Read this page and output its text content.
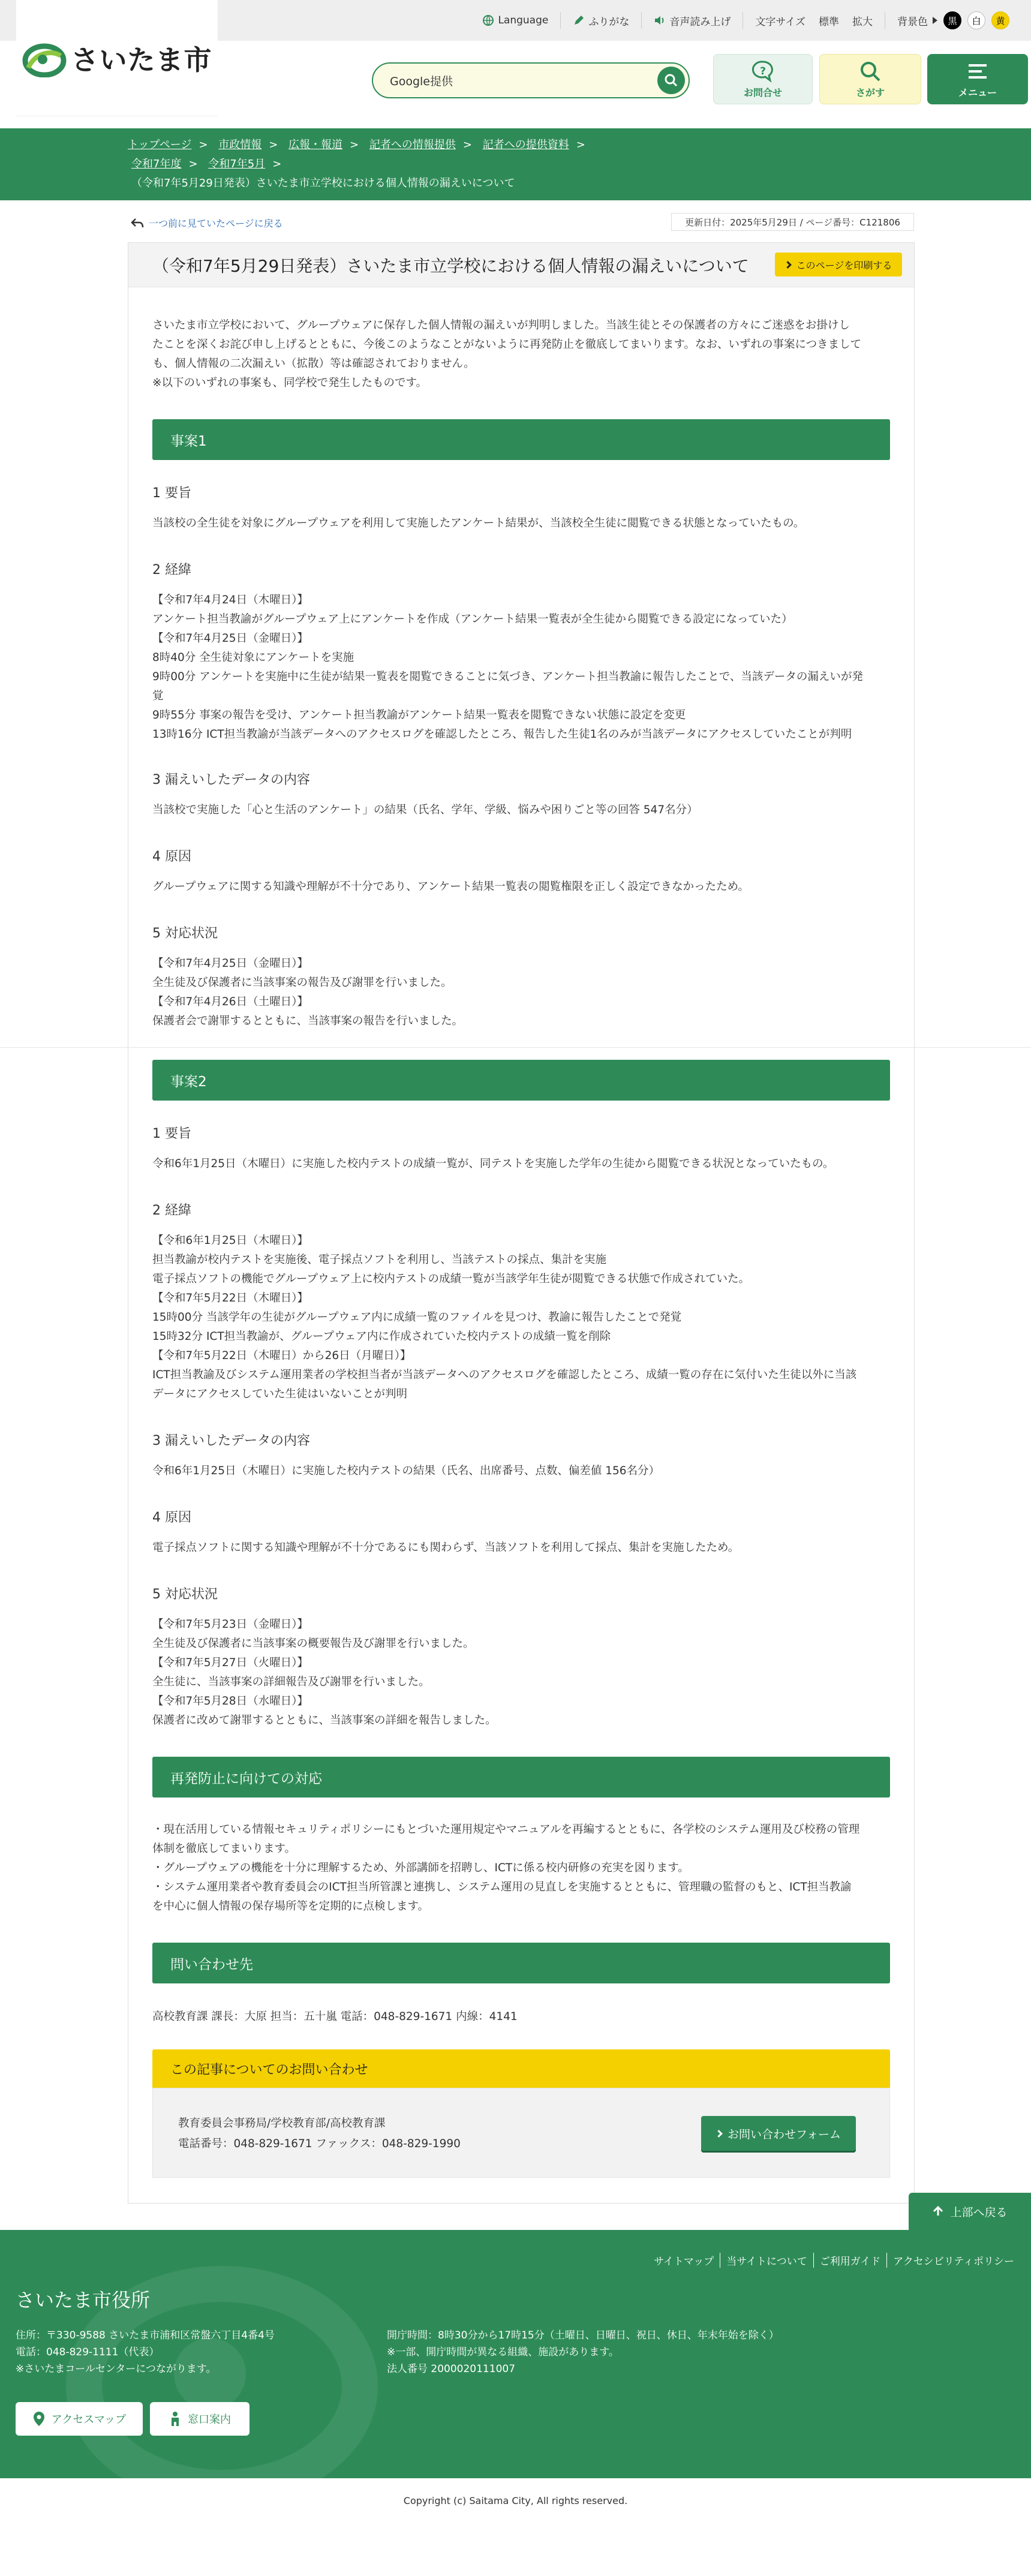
Language	ふりがな	音声読み上げ 文字サイズ 標準 拡大 背景色	黒	白	黄
さいたま市
Google提供
?
お問合せ	さがす	メニュー
トップページ > 市政情報 > 広報・報道 > 記者への情報提供 > 記者への提供資料 >
令和7年度 > 令和7年5月 >
（令和7年5月29日発表）さいたま市立学校における個人情報の漏えいについて
一つ前に見ていたページに戻る	更新日付：2025年5月29日 / ページ番号：C121806
（令和7年5月29日発表）さいたま市立学校における個人情報の漏えいについて	このページを印刷する
さいたま市立学校において、グループウェアに保存した個人情報の漏えいが判明しました。当該生徒とその保護者の方々にご迷惑をお掛けし
たことを深くお詫び申し上げるとともに、今後このようなことがないように再発防止を徹底してまいります。なお、いずれの事案につきまして
も、個人情報の二次漏えい（拡散）等は確認されておりません。
※以下のいずれの事案も、同学校で発生したものです。
事案1
1 要旨
当該校の全生徒を対象にグループウェアを利用して実施したアンケート結果が、当該校全生徒に閲覧できる状態となっていたもの。
2 経緯
【令和7年4月24日（木曜日）】
アンケート担当教諭がグループウェア上にアンケートを作成（アンケート結果一覧表が全生徒から閲覧できる設定になっていた）
【令和7年4月25日（金曜日）】
8時40分 全生徒対象にアンケートを実施
9時00分 アンケートを実施中に生徒が結果一覧表を閲覧できることに気づき、アンケート担当教諭に報告したことで、当該データの漏えいが発
覚
9時55分 事案の報告を受け、アンケート担当教諭がアンケート結果一覧表を閲覧できない状態に設定を変更
13時16分 ICT担当教諭が当該データへのアクセスログを確認したところ、報告した生徒1名のみが当該データにアクセスしていたことが判明
3 漏えいしたデータの内容
当該校で実施した「心と生活のアンケート」の結果（氏名、学年、学級、悩みや困りごと等の回答 547名分）
4 原因
グループウェアに関する知識や理解が不十分であり、アンケート結果一覧表の閲覧権限を正しく設定できなかったため。
5 対応状況
【令和7年4月25日（金曜日）】
全生徒及び保護者に当該事案の報告及び謝罪を行いました。
【令和7年4月26日（土曜日）】
保護者会で謝罪するとともに、当該事案の報告を行いました。
事案2
1 要旨
令和6年1月25日（木曜日）に実施した校内テストの成績一覧が、同テストを実施した学年の生徒から閲覧できる状況となっていたもの。
2 経緯
【令和6年1月25日（木曜日）】
担当教諭が校内テストを実施後、電子採点ソフトを利用し、当該テストの採点、集計を実施
電子採点ソフトの機能でグループウェア上に校内テストの成績一覧が当該学年生徒が閲覧できる状態で作成されていた。
【令和7年5月22日（木曜日）】
15時00分 当該学年の生徒がグループウェア内に成績一覧のファイルを見つけ、教諭に報告したことで発覚
15時32分 ICT担当教諭が、グループウェア内に作成されていた校内テストの成績一覧を削除
【令和7年5月22日（木曜日）から26日（月曜日）】
ICT担当教諭及びシステム運用業者の学校担当者が当該データへのアクセスログを確認したところ、成績一覧の存在に気付いた生徒以外に当該
データにアクセスしていた生徒はいないことが判明
3 漏えいしたデータの内容
令和6年1月25日（木曜日）に実施した校内テストの結果（氏名、出席番号、点数、偏差値 156名分）
4 原因
電子採点ソフトに関する知識や理解が不十分であるにも関わらず、当該ソフトを利用して採点、集計を実施したため。
5 対応状況
【令和7年5月23日（金曜日）】
全生徒及び保護者に当該事案の概要報告及び謝罪を行いました。
【令和7年5月27日（火曜日）】
全生徒に、当該事案の詳細報告及び謝罪を行いました。
【令和7年5月28日（水曜日）】
保護者に改めて謝罪するとともに、当該事案の詳細を報告しました。
再発防止に向けての対応
・現在活用している情報セキュリティポリシーにもとづいた運用規定やマニュアルを再編するとともに、各学校のシステム運用及び校務の管理
体制を徹底してまいります。
・グループウェアの機能を十分に理解するため、外部講師を招聘し、ICTに係る校内研修の充実を図ります。
・システム運用業者や教育委員会のICT担当所管課と連携し、システム運用の見直しを実施するとともに、管理職の監督のもと、ICT担当教諭
を中心に個人情報の保存場所等を定期的に点検します。
問い合わせ先
高校教育課 課長：大原 担当：五十嵐 電話：048-829-1671 内線：4141
この記事についてのお問い合わせ
教育委員会事務局/学校教育部/高校教育課
電話番号：048-829-1671 ファックス：048-829-1990
お問い合わせフォーム
上部へ戻る
サイトマップ	当サイトについて	ご利用ガイド	アクセシビリティポリシー
さいたま市役所
住所：〒330-9588 さいたま市浦和区常盤六丁目4番4号
電話：048-829-1111（代表）
※さいたまコールセンターにつながります。
開庁時間：8時30分から17時15分（土曜日、日曜日、祝日、休日、年末年始を除く）
※一部、開庁時間が異なる組織、施設があります。
法人番号 2000020111007
アクセスマップ	窓口案内
Copyright (c) Saitama City, All rights reserved.
